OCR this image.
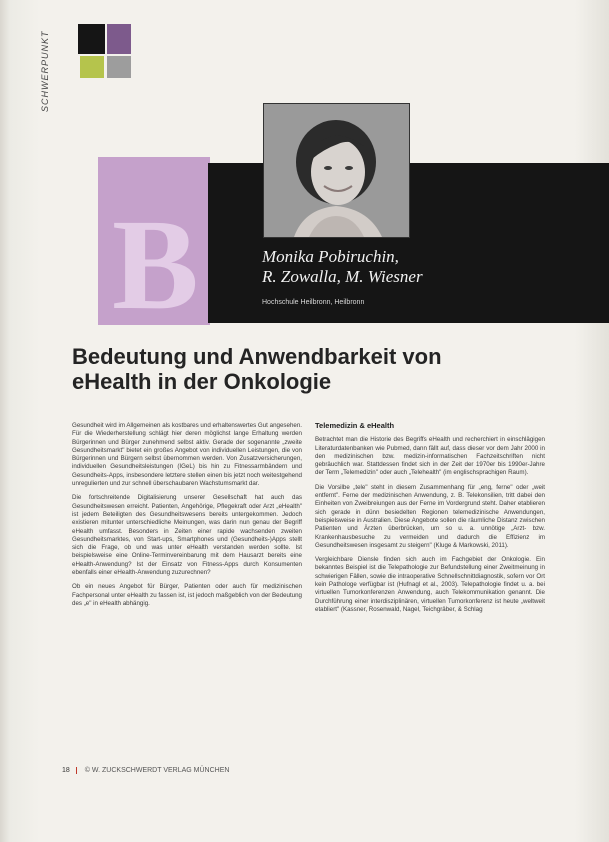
SCHWERPUNKT
B	Monika Pobiruchin,
R. Zowalla, M. Wiesner
Hochschule Heilbronn, Heilbronn
Bedeutung und Anwendbarkeit von
eHealth in der Onkologie

Gesundheit wird im Allgemeinen als kostbares und erhaltenswertes Gut angesehen. Für die Wiederherstellung schlägt hier deren möglichst lange Erhaltung werden Bürgerinnen und Bürger zunehmend selbst aktiv. Gerade der sogenannte „zweite Gesundheitsmarkt" bietet ein großes Angebot von individuellen Leistungen, die von Bürgerinnen und Bürgern selbst übernommen werden. Von Zusatzversicherungen, individuellen Gesundheitsleistungen (IGeL) bis hin zu Fitnessarmbändern und Gesundheits-Apps, insbesondere letztere stellen einen bis jetzt noch weitestgehend unregulierten und zur schnell überschaubaren Wachstumsmarkt dar.

Die fortschreitende Digitalisierung unserer Gesellschaft hat auch das Gesundheitswesen erreicht. Patienten, Angehörige, Pflegekraft oder Arzt „eHealth" ist jedem Beteiligten des Gesundheitswesens bereits untergekommen. Jedoch existieren mitunter unterschiedliche Meinungen, was darin nun genau der Begriff eHealth umfasst. Besonders in Zeiten einer rapide wachsenden zweiten Gesundheitsmarktes, von Start-ups, Smartphones und (Gesundheits-)Apps stellt sich die Frage, ob und was unter eHealth verstanden werden sollte. Ist beispielsweise eine Online-Terminvereinbarung mit dem Hausarzt bereits eine eHealth-Anwendung? Ist der Einsatz von Fitness-Apps durch Konsumenten ebenfalls einer eHealth-Anwendung zuzurechnen?

Ob ein neues Angebot für Bürger, Patienten oder auch für medizinischen Fachpersonal unter eHealth zu fassen ist, ist jedoch maßgeblich von der Bedeutung des „e" in eHealth abhängig.

Telemedizin & eHealth

Betrachtet man die Historie des Begriffs eHealth und recherchiert in einschlägigen Literaturdatenbanken wie Pubmed, dann fällt auf, dass dieser vor dem Jahr 2000 in den medizinischen bzw. medizin-informatischen Fachzeitschriften nicht gebräuchlich war. Stattdessen findet sich in der Zeit der 1970er bis 1990er-Jahre der Term „Telemedizin" oder auch „Telehealth" (im englischsprachigen Raum).

Die Vorsilbe „tele" steht in diesem Zusammenhang für „eng, ferne" oder „weit entfernt". Ferne der medizinischen Anwendung, z. B. Telekonsilien, tritt dabei den Einheiten von Zweibreiungen aus der Ferne im Vordergrund steht. Daher etablieren sich gerade in dünn besiedelten Regionen telemedizinische Anwendungen, beispielsweise in Australien. Diese Angebote sollen die räumliche Distanz zwischen Patienten und Ärzten überbrücken, um so u. a. unnötige „Arzt- bzw. Krankenhausbesuche zu vermeiden und dadurch die Effizienz im Gesundheitswesen insgesamt zu steigern" (Kluge & Markowski, 2011).

Vergleichbare Diensle finden sich auch im Fachgebiet der Onkologie. Ein bekanntes Beispiel ist die Telepathologie zur Befundstellung einer Zweitmeinung in schwierigen Fällen, sowie die intraoperative Schnellschnittdiagnostik, sofern vor Ort kein Pathologe verfügbar ist (Hufnagl et al., 2003). Telepathologie findet u. a. bei virtuellen Tumorkonferenzen Anwendung, auch Telekommunikation genannt. Die Durchführung einer interdisziplinären, virtuellen Tumorkonferenz ist heute „weltweit etabliert" (Kassner, Rosenwald, Nagel, Teichgräber, & Schlag

18 © W. ZUCKSCHWERDT VERLAG MÜNCHEN
